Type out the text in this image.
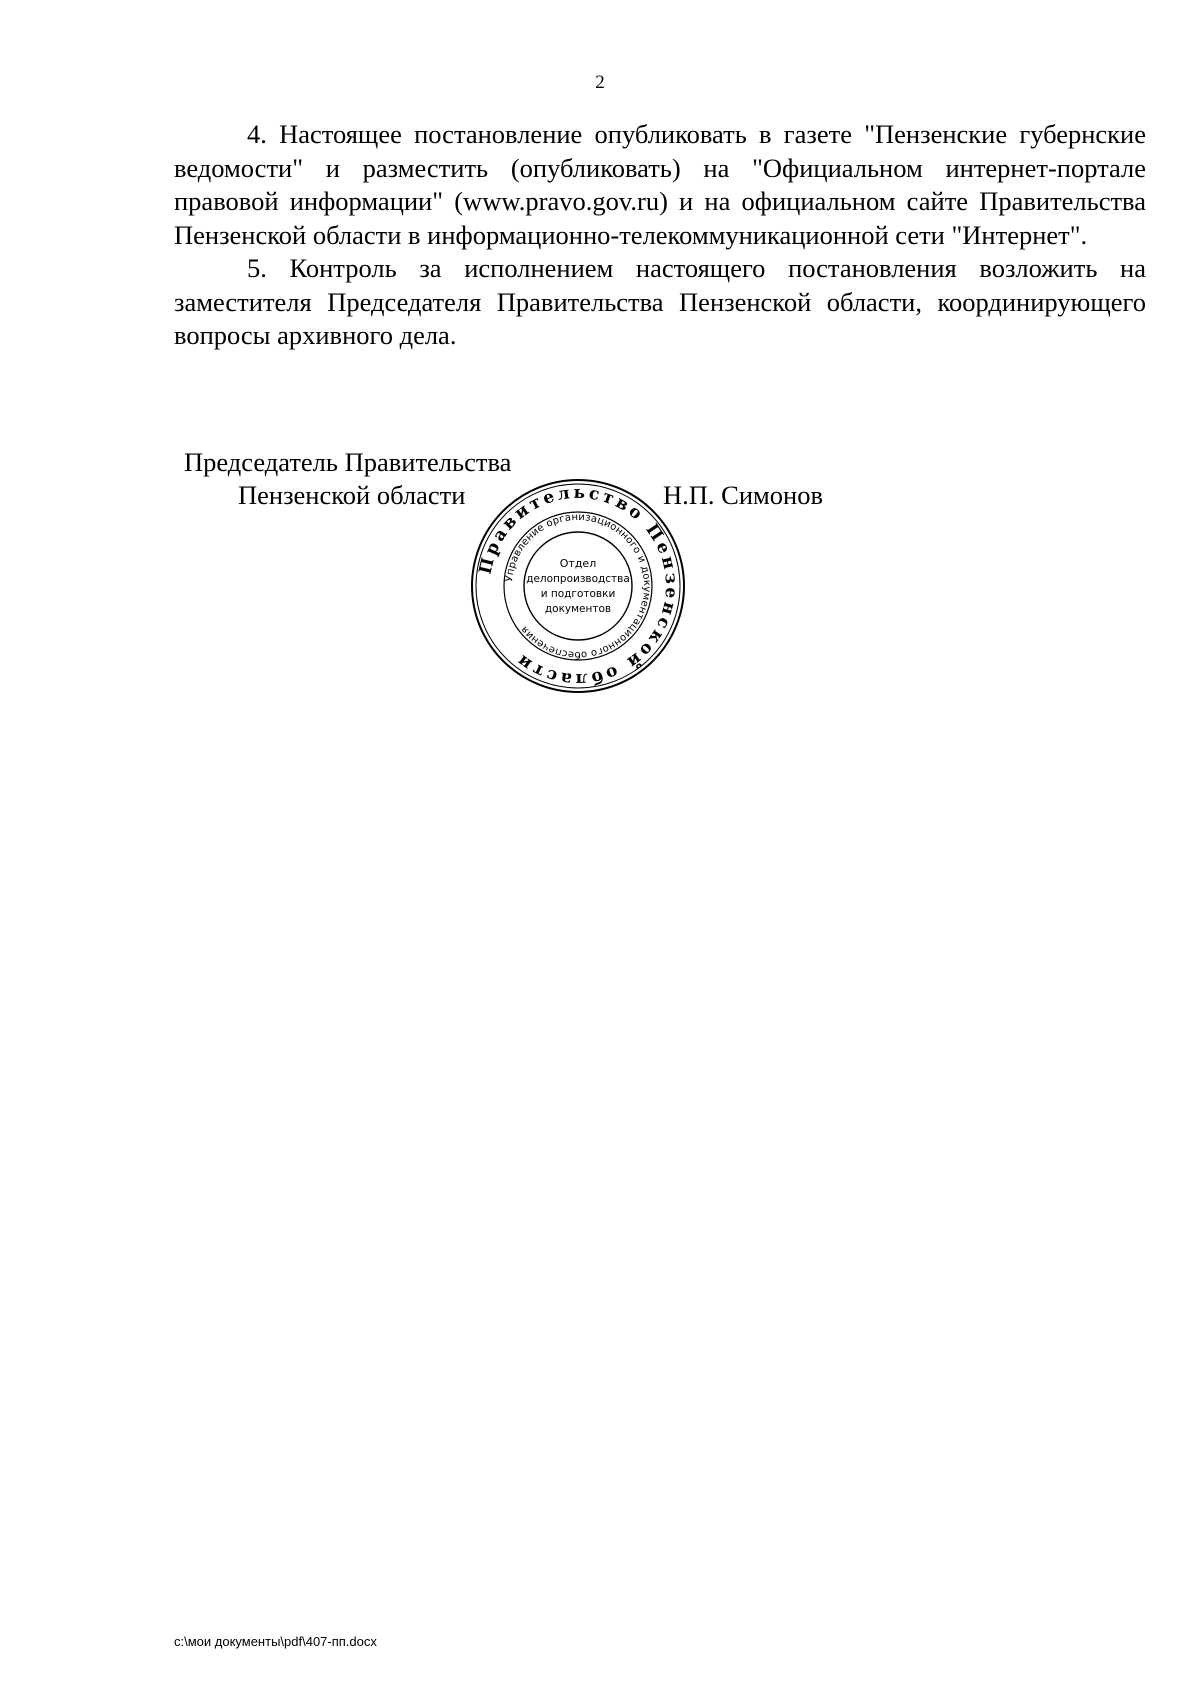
2

4. Настоящее постановление опубликовать в газете "Пензенские губернские ведомости" и разместить (опубликовать) на "Официальном интернет-портале правовой информации" (www.pravo.gov.ru) и на официальном сайте Правительства Пензенской области в информационно-телекоммуникационной сети "Интернет".

5. Контроль за исполнением настоящего постановления возложить на заместителя Председателя Правительства Пензенской области, координирующего вопросы архивного дела.

Председатель Правительства
Пензенской области	Н.П. Симонов
Правительство Пензенской области
Управление организационного и документационного обеспечения
Отдел
делопроизводства
и подготовки
документов
c:\мои документы\pdf\407-пп.docx
